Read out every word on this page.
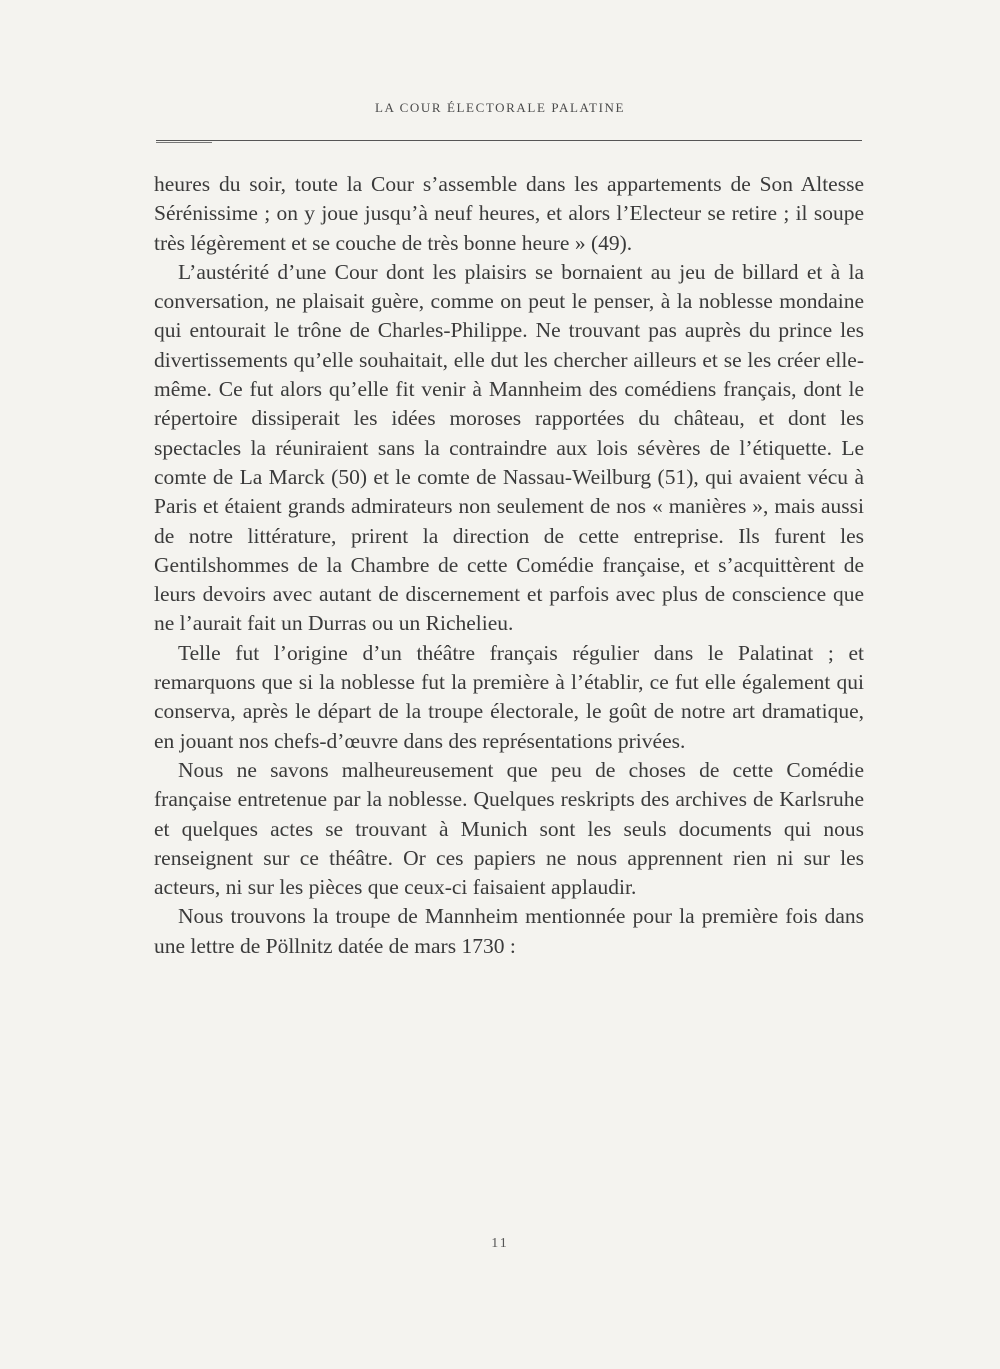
LA COUR ÉLECTORALE PALATINE

heures du soir, toute la Cour s’assemble dans les appartements de Son Altesse Sérénissime ; on y joue jusqu’à neuf heures, et alors l’Electeur se retire ; il soupe très légèrement et se couche de très bonne heure » (49).

L’austérité d’une Cour dont les plaisirs se bornaient au jeu de billard et à la conversation, ne plaisait guère, comme on peut le penser, à la noblesse mondaine qui entourait le trône de Charles-Philippe. Ne trouvant pas auprès du prince les divertissements qu’elle souhaitait, elle dut les chercher ailleurs et se les créer elle-même. Ce fut alors qu’elle fit venir à Mannheim des comédiens français, dont le répertoire dissiperait les idées moroses rapportées du château, et dont les spectacles la réuniraient sans la contraindre aux lois sévères de l’étiquette. Le comte de La Marck (50) et le comte de Nassau-Weilburg (51), qui avaient vécu à Paris et étaient grands admirateurs non seulement de nos « manières », mais aussi de notre littérature, prirent la direction de cette entreprise. Ils furent les Gentilshommes de la Chambre de cette Comédie française, et s’acquittèrent de leurs devoirs avec autant de discernement et parfois avec plus de conscience que ne l’aurait fait un Durras ou un Richelieu.

Telle fut l’origine d’un théâtre français régulier dans le Palatinat ; et remarquons que si la noblesse fut la première à l’établir, ce fut elle également qui conserva, après le départ de la troupe électorale, le goût de notre art dramatique, en jouant nos chefs-d’œuvre dans des représentations privées.

Nous ne savons malheureusement que peu de choses de cette Comédie française entretenue par la noblesse. Quelques reskripts des archives de Karlsruhe et quelques actes se trouvant à Munich sont les seuls documents qui nous renseignent sur ce théâtre. Or ces papiers ne nous apprennent rien ni sur les acteurs, ni sur les pièces que ceux-ci faisaient applaudir.

Nous trouvons la troupe de Mannheim mentionnée pour la première fois dans une lettre de Pöllnitz datée de mars 1730 :

11
